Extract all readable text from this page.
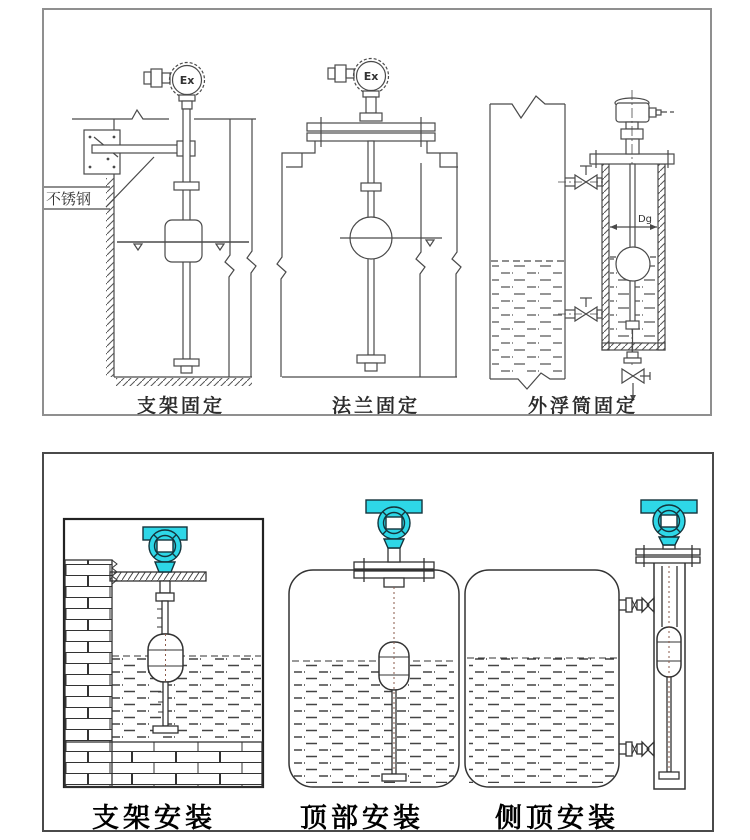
Ex	Ex
Dg
不锈钢
支架固定	法兰固定	外浮筒固定
支架安装	顶部安装	侧顶安装
